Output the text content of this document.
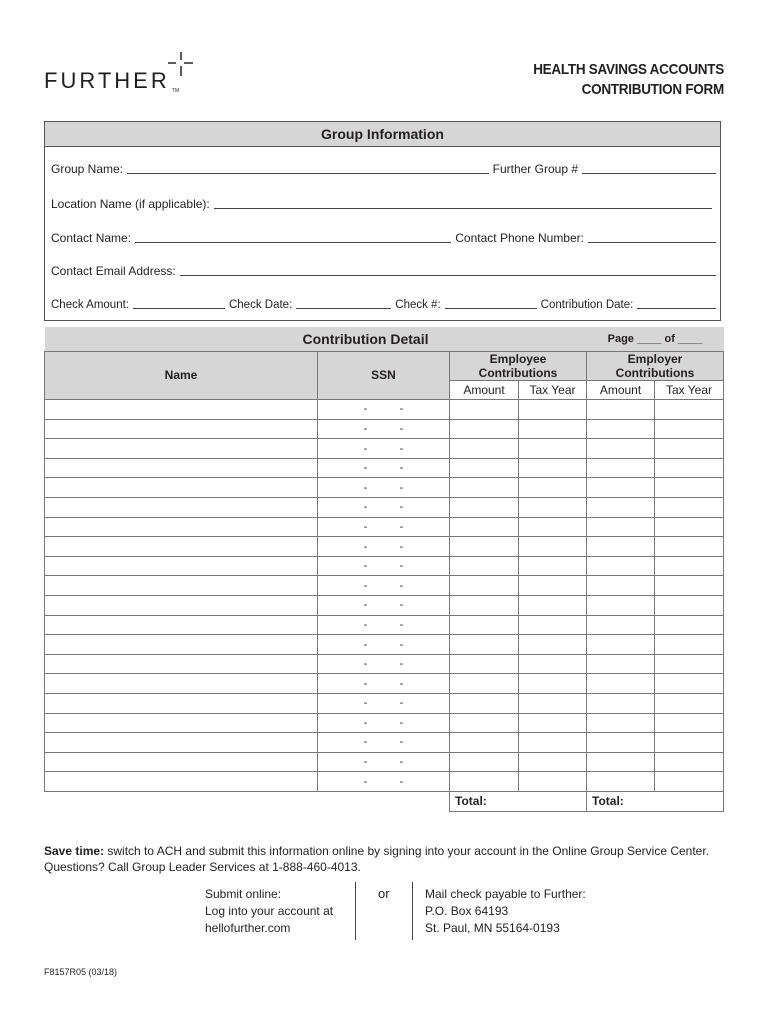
FURTHER TM
HEALTH SAVINGS ACCOUNTS
CONTRIBUTION FORM
Group Information
Group Name:	Further Group #
Location Name (if applicable):
Contact Name:	Contact Phone Number:
Contact Email Address:
Check Amount:	Check Date:	Check #:	Contribution Date:
Contribution Detail				Page ____ of ____	
Name	SSN	Employee Contributions		Employer Contributions	
		Amount	Tax Year	Amount	Tax Year
	- -				
	- -				
	- -				
	- -				
	- -				
	- -				
	- -				
	- -				
	- -				
	- -				
	- -				
	- -				
	- -				
	- -				
	- -				
	- -				
	- -				
	- -				
	- -				
	- -				
		Total:		Total:	
Save time: switch to ACH and submit this information online by signing into your account in the Online Group Service Center.
Questions? Call Group Leader Services at 1-888-460-4013.
Submit online:
Log into your account at
hellofurther.com
or	Mail check payable to Further:
P.O. Box 64193
St. Paul, MN 55164-0193
F8157R05 (03/18)
